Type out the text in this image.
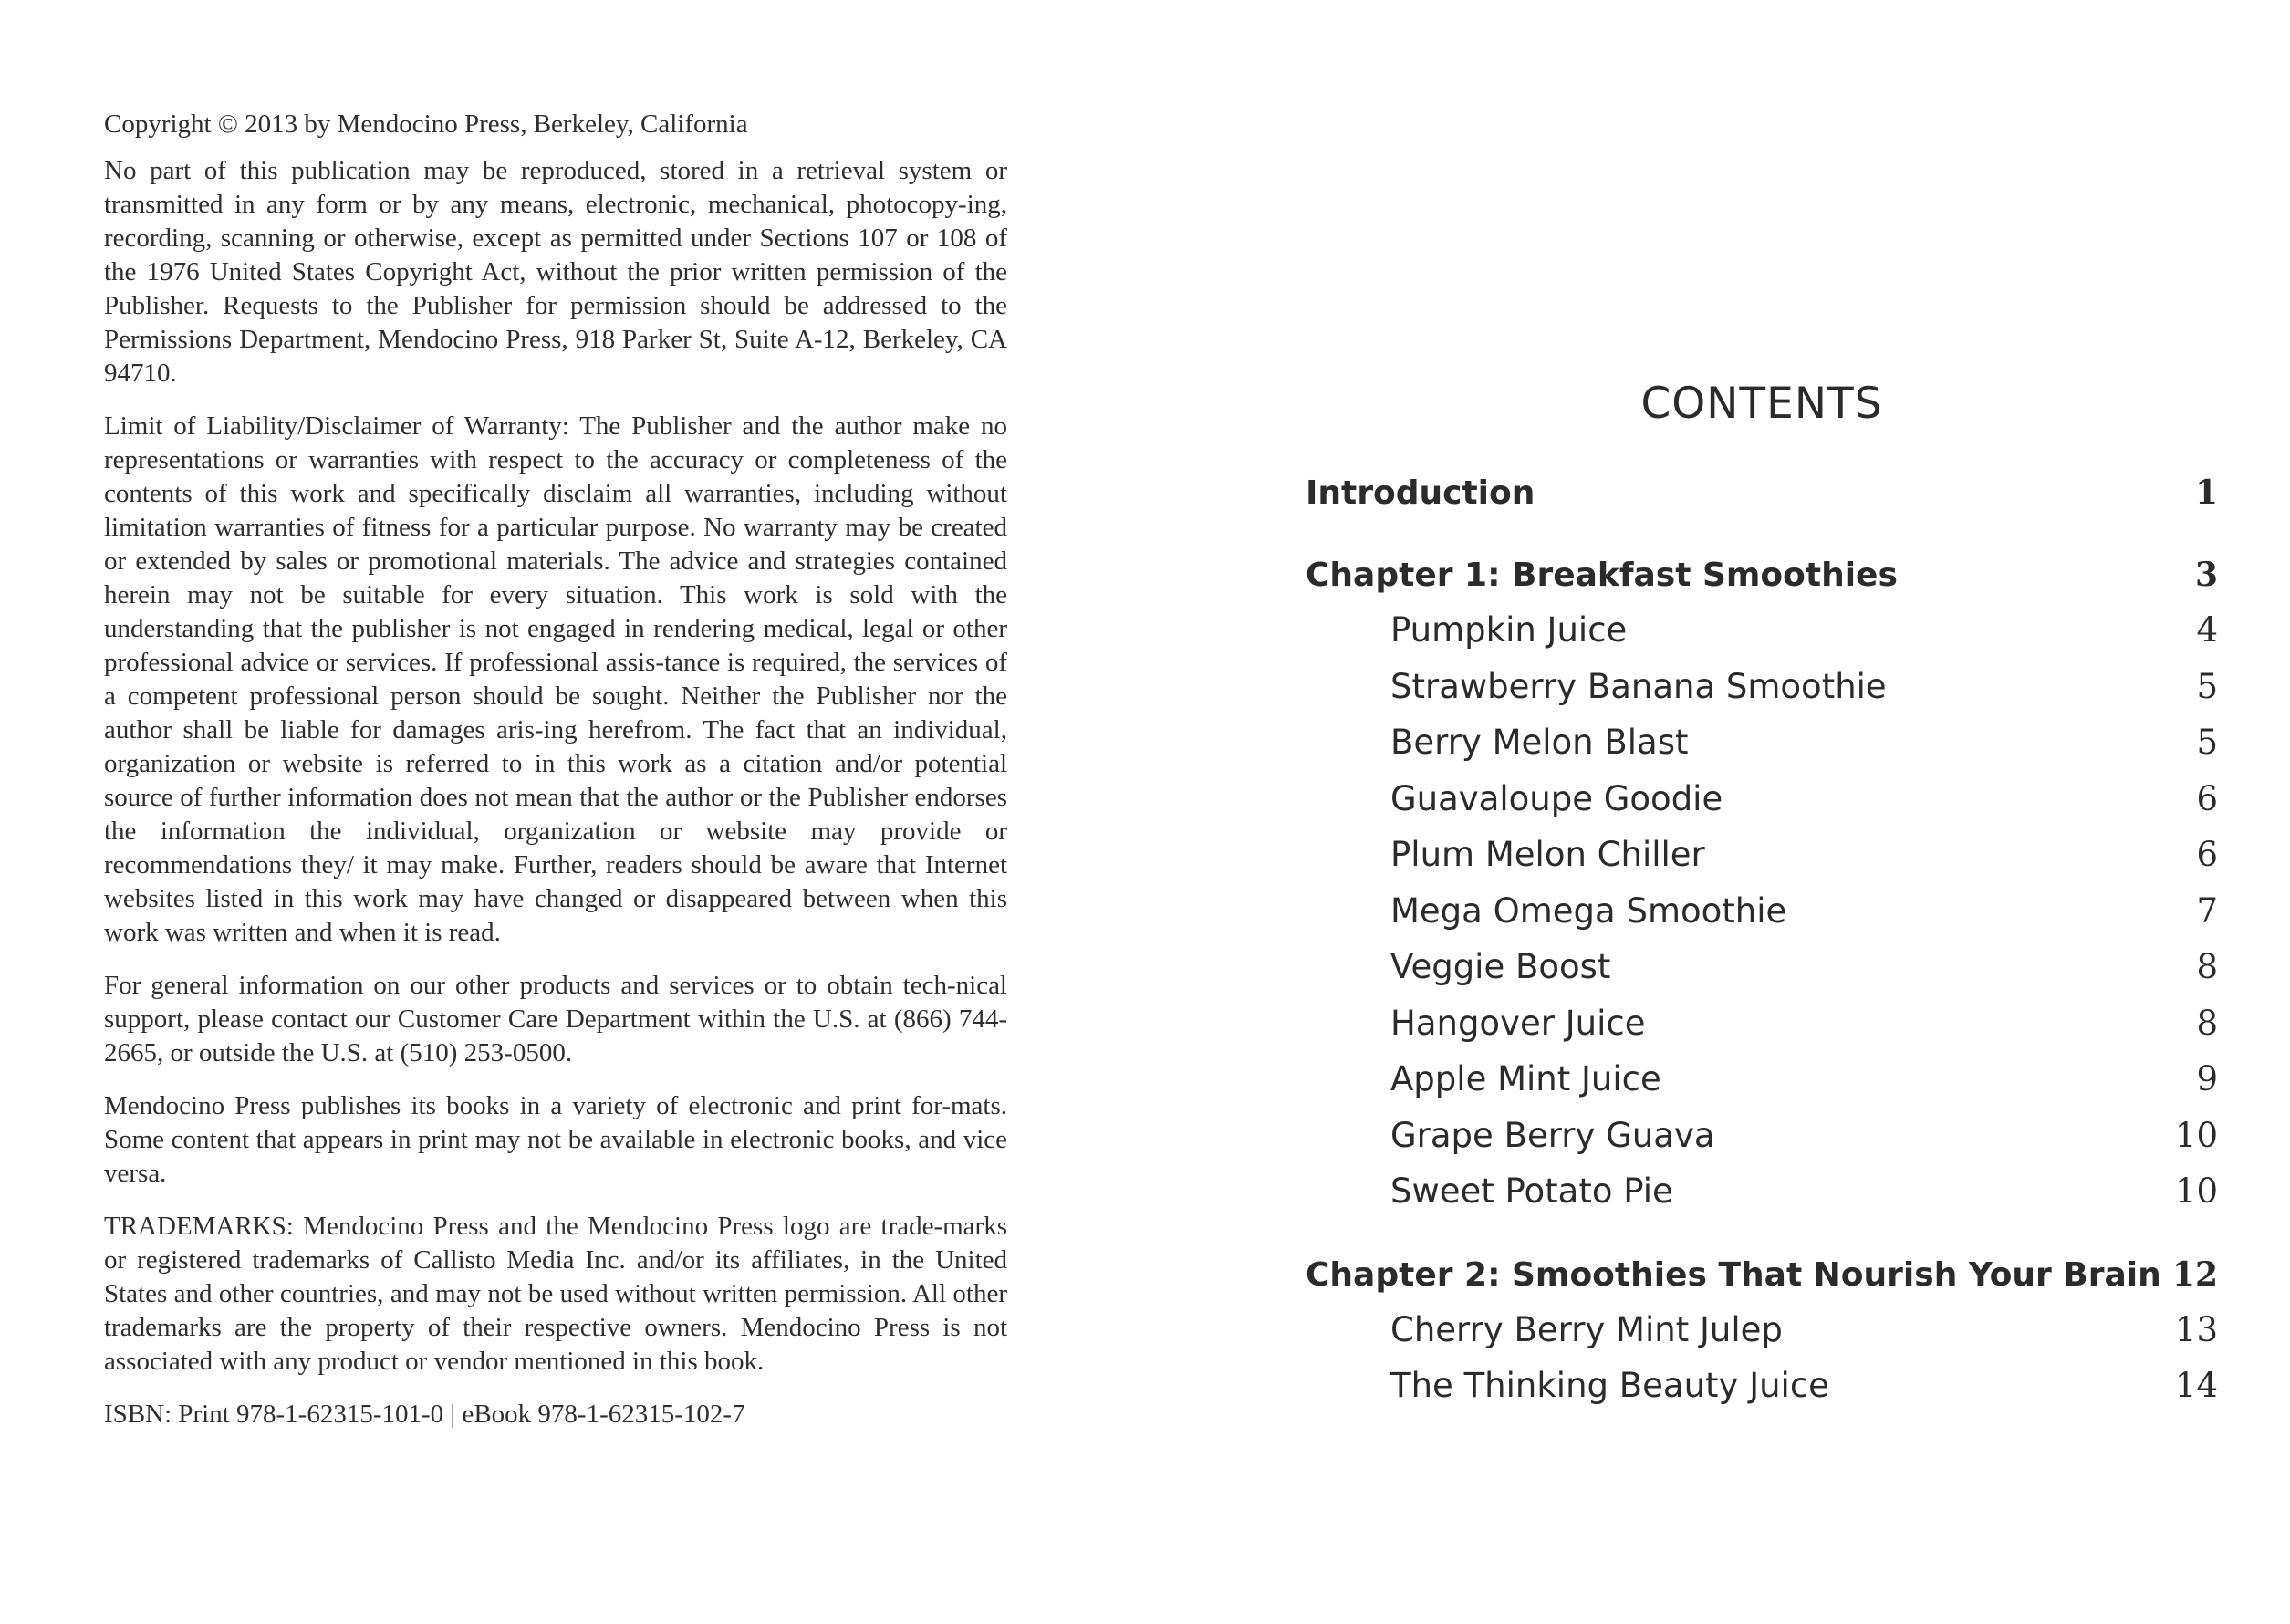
Copyright © 2013 by Mendocino Press, Berkeley, California

No part of this publication may be reproduced, stored in a retrieval system or transmitted in any form or by any means, electronic, mechanical, photocopy-ing, recording, scanning or otherwise, except as permitted under Sections 107 or 108 of the 1976 United States Copyright Act, without the prior written permission of the Publisher. Requests to the Publisher for permission should be addressed to the Permissions Department, Mendocino Press, 918 Parker St, Suite A-12, Berkeley, CA 94710.

Limit of Liability/Disclaimer of Warranty: The Publisher and the author make no representations or warranties with respect to the accuracy or completeness of the contents of this work and specifically disclaim all warranties, including without limitation warranties of fitness for a particular purpose. No warranty may be created or extended by sales or promotional materials. The advice and strategies contained herein may not be suitable for every situation. This work is sold with the understanding that the publisher is not engaged in rendering medical, legal or other professional advice or services. If professional assis-tance is required, the services of a competent professional person should be sought. Neither the Publisher nor the author shall be liable for damages aris-ing herefrom. The fact that an individual, organization or website is referred to in this work as a citation and/or potential source of further information does not mean that the author or the Publisher endorses the information the individual, organization or website may provide or recommendations they/ it may make. Further, readers should be aware that Internet websites listed in this work may have changed or disappeared between when this work was written and when it is read.

For general information on our other products and services or to obtain tech-nical support, please contact our Customer Care Department within the U.S. at (866) 744-2665, or outside the U.S. at (510) 253-0500.

Mendocino Press publishes its books in a variety of electronic and print for-mats. Some content that appears in print may not be available in electronic books, and vice versa.

TRADEMARKS: Mendocino Press and the Mendocino Press logo are trade-marks or registered trademarks of Callisto Media Inc. and/or its affiliates, in the United States and other countries, and may not be used without written permission. All other trademarks are the property of their respective owners. Mendocino Press is not associated with any product or vendor mentioned in this book.

ISBN: Print 978-1-62315-101-0 | eBook 978-1-62315-102-7

CONTENTS
Introduction	1
Chapter 1: Breakfast Smoothies	3
Pumpkin Juice	4
Strawberry Banana Smoothie	5
Berry Melon Blast	5
Guavaloupe Goodie	6
Plum Melon Chiller	6
Mega Omega Smoothie	7
Veggie Boost	8
Hangover Juice	8
Apple Mint Juice	9
Grape Berry Guava	10
Sweet Potato Pie	10
Chapter 2: Smoothies That Nourish Your Brain 12
Cherry Berry Mint Julep	13
The Thinking Beauty Juice	14
